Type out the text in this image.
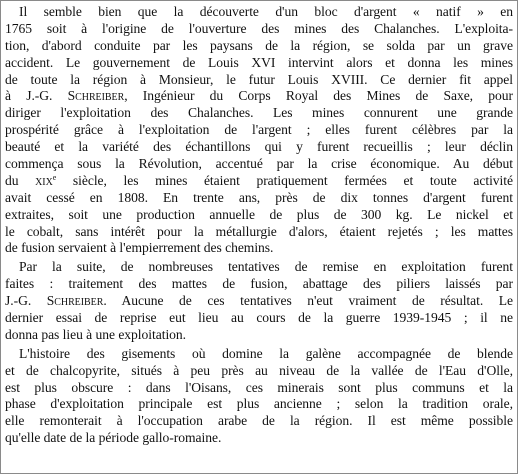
Il semble bien que la découverte d'un bloc d'argent « natif » en
1765 soit à l'origine de l'ouverture des mines des Chalanches. L'exploita-
tion, d'abord conduite par les paysans de la région, se solda par un grave
accident. Le gouvernement de Louis XVI intervint alors et donna les mines
de toute la région à Monsieur, le futur Louis XVIII. Ce dernier fit appel
à J.-G. Schreiber, Ingénieur du Corps Royal des Mines de Saxe, pour
diriger l'exploitation des Chalanches. Les mines connurent une grande
prospérité grâce à l'exploitation de l'argent ; elles furent célèbres par la
beauté et la variété des échantillons qui y furent recueillis ; leur déclin
commença sous la Révolution, accentué par la crise économique. Au début
du xix$^e$ siècle, les mines étaient pratiquement fermées et toute activité
avait cessé en 1808. En trente ans, près de dix tonnes d'argent furent
extraites, soit une production annuelle de plus de 300 kg. Le nickel et
le cobalt, sans intérêt pour la métallurgie d'alors, étaient rejetés ; les mattes
de fusion servaient à l'empierrement des chemins.
Par la suite, de nombreuses tentatives de remise en exploitation furent
faites : traitement des mattes de fusion, abattage des piliers laissés par
J.-G. Schreiber. Aucune de ces tentatives n'eut vraiment de résultat. Le
dernier essai de reprise eut lieu au cours de la guerre 1939-1945 ; il ne
donna pas lieu à une exploitation.
L'histoire des gisements où domine la galène accompagnée de blende
et de chalcopyrite, situés à peu près au niveau de la vallée de l'Eau d'Olle,
est plus obscure : dans l'Oisans, ces minerais sont plus communs et la
phase d'exploitation principale est plus ancienne ; selon la tradition orale,
elle remonterait à l'occupation arabe de la région. Il est même possible
qu'elle date de la période gallo-romaine.
